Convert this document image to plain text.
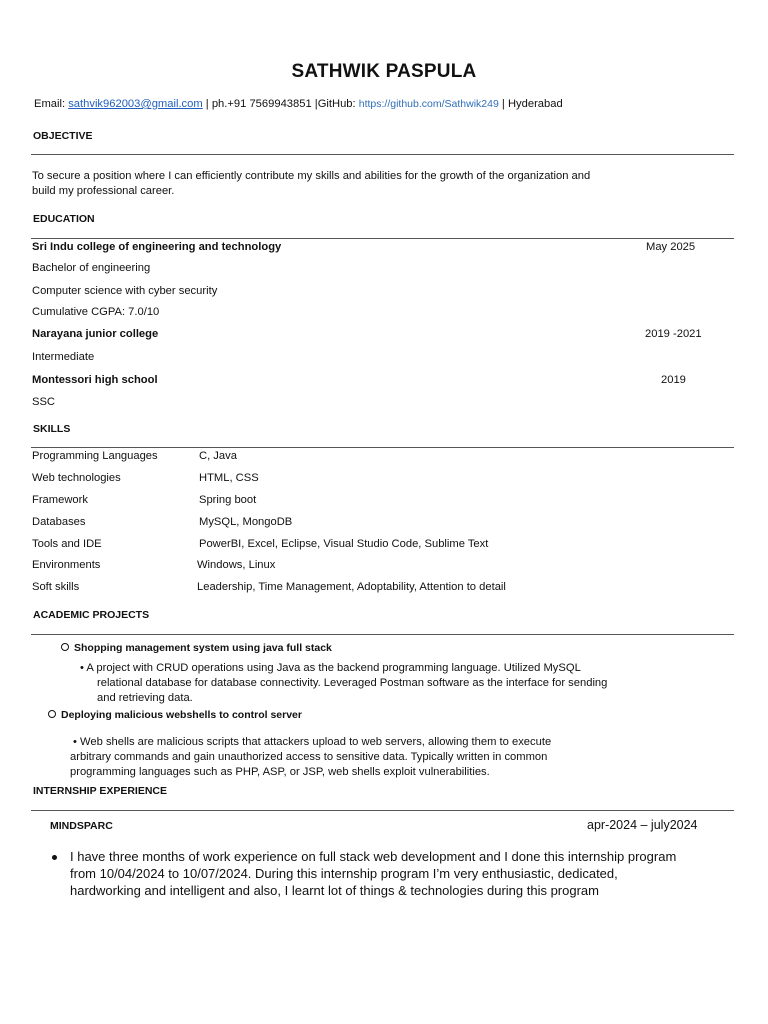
SATHWIK PASPULA
Email: sathvik962003@gmail.com | ph.+91 7569943851 |GitHub: https://github.com/Sathwik249 | Hyderabad
OBJECTIVE
To secure a position where I can efficiently contribute my skills and abilities for the growth of the organization and
build my professional career.
EDUCATION
Sri Indu college of engineering and technology	May 2025
Bachelor of engineering
Computer science with cyber security
Cumulative CGPA: 7.0/10
Narayana junior college	2019 -2021
Intermediate
Montessori high school	2019
SSC
SKILLS
Programming Languages	C, Java
Web technologies	HTML, CSS
Framework	Spring boot
Databases	MySQL, MongoDB
Tools and IDE	PowerBI, Excel, Eclipse, Visual Studio Code, Sublime Text
Environments	Windows, Linux
Soft skills	Leadership, Time Management, Adoptability, Attention to detail
ACADEMIC PROJECTS
Shopping management system using java full stack
• A project with CRUD operations using Java as the backend programming language. Utilized MySQL
relational database for database connectivity. Leveraged Postman software as the interface for sending
and retrieving data.
Deploying malicious webshells to control server
• Web shells are malicious scripts that attackers upload to web servers, allowing them to execute
arbitrary commands and gain unauthorized access to sensitive data. Typically written in common
programming languages such as PHP, ASP, or JSP, web shells exploit vulnerabilities.
INTERNSHIP EXPERIENCE
MINDSPARC	apr-2024 – july2024
I have three months of work experience on full stack web development and I done this internship program
from 10/04/2024 to 10/07/2024. During this internship program I’m very enthusiastic, dedicated,
hardworking and intelligent and also, I learnt lot of things & technologies during this program
